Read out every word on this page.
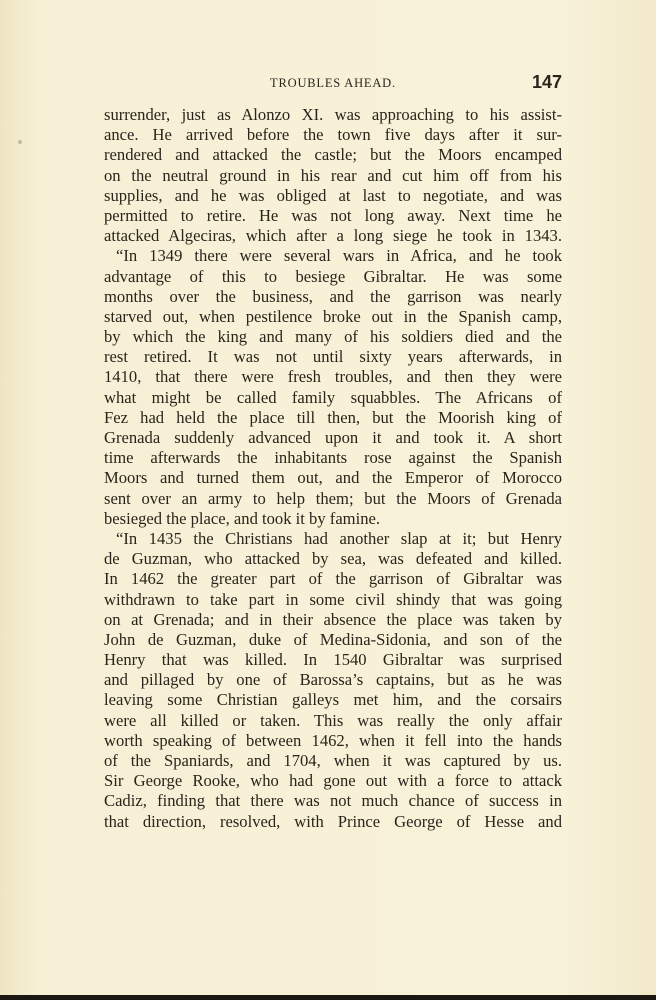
TROUBLES AHEAD.	147
surrender, just as Alonzo XI. was approaching to his assist-
ance. He arrived before the town five days after it sur-
rendered and attacked the castle; but the Moors encamped
on the neutral ground in his rear and cut him off from his
supplies, and he was obliged at last to negotiate, and was
permitted to retire. He was not long away. Next time he
attacked Algeciras, which after a long siege he took in 1343.
“In 1349 there were several wars in Africa, and he took
advantage of this to besiege Gibraltar. He was some
months over the business, and the garrison was nearly
starved out, when pestilence broke out in the Spanish camp,
by which the king and many of his soldiers died and the
rest retired. It was not until sixty years afterwards, in
1410, that there were fresh troubles, and then they were
what might be called family squabbles. The Africans of
Fez had held the place till then, but the Moorish king of
Grenada suddenly advanced upon it and took it. A short
time afterwards the inhabitants rose against the Spanish
Moors and turned them out, and the Emperor of Morocco
sent over an army to help them; but the Moors of Grenada
besieged the place, and took it by famine.
“In 1435 the Christians had another slap at it; but Henry
de Guzman, who attacked by sea, was defeated and killed.
In 1462 the greater part of the garrison of Gibraltar was
withdrawn to take part in some civil shindy that was going
on at Grenada; and in their absence the place was taken by
John de Guzman, duke of Medina-Sidonia, and son of the
Henry that was killed. In 1540 Gibraltar was surprised
and pillaged by one of Barossa’s captains, but as he was
leaving some Christian galleys met him, and the corsairs
were all killed or taken. This was really the only affair
worth speaking of between 1462, when it fell into the hands
of the Spaniards, and 1704, when it was captured by us.
Sir George Rooke, who had gone out with a force to attack
Cadiz, finding that there was not much chance of success in
that direction, resolved, with Prince George of Hesse and
